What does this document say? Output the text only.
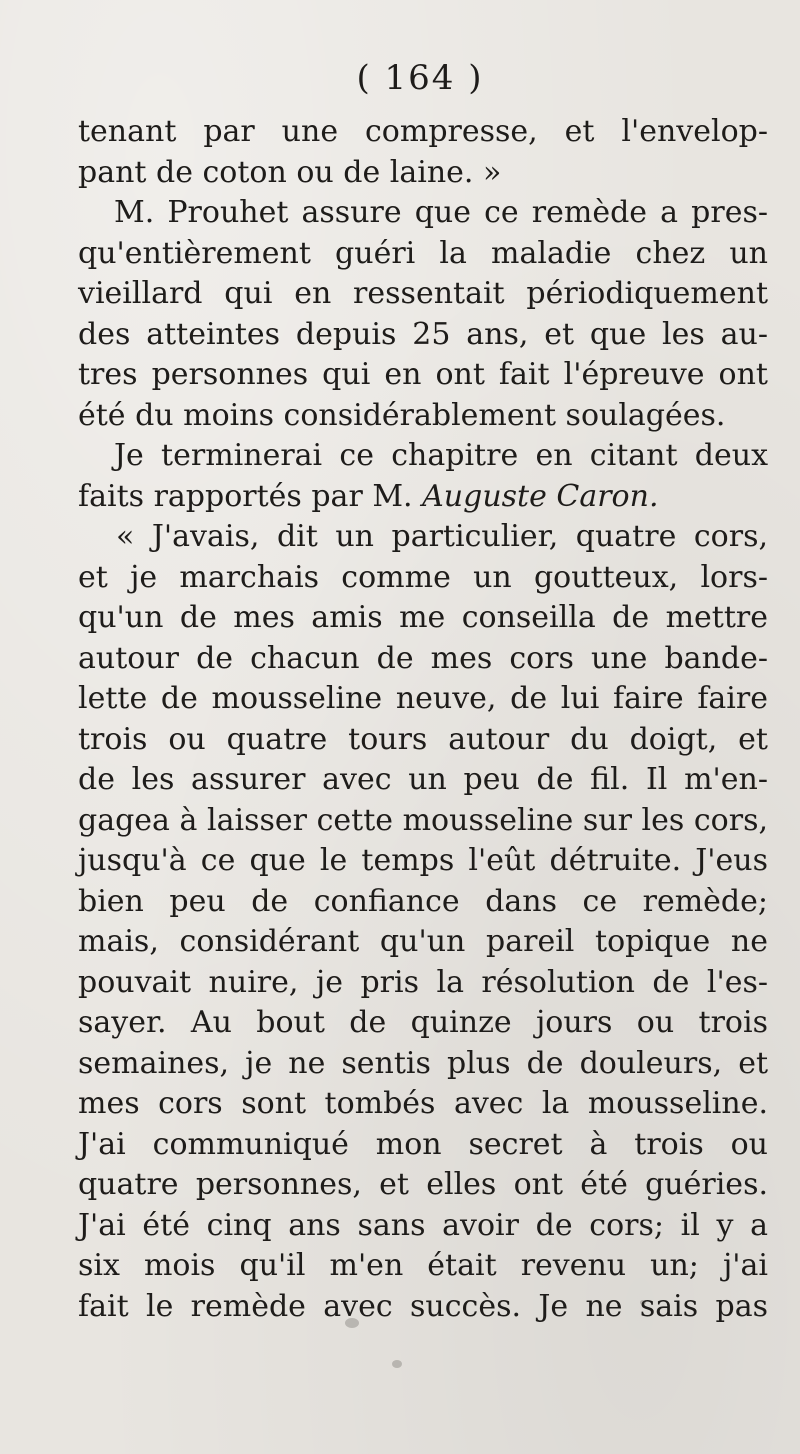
( 164 )
tenant par une compresse, et l'envelop-
pant de coton ou de laine. »
M. Prouhet assure que ce remède a pres-
qu'entièrement guéri la maladie chez un
vieillard qui en ressentait périodiquement
des atteintes depuis 25 ans, et que les au-
tres personnes qui en ont fait l'épreuve ont
été du moins considérablement soulagées.
Je terminerai ce chapitre en citant deux
faits rapportés par M. Auguste Caron.
« J'avais, dit un particulier, quatre cors,
et je marchais comme un goutteux, lors-
qu'un de mes amis me conseilla de mettre
autour de chacun de mes cors une bande-
lette de mousseline neuve, de lui faire faire
trois ou quatre tours autour du doigt, et
de les assurer avec un peu de fil. Il m'en-
gagea à laisser cette mousseline sur les cors,
jusqu'à ce que le temps l'eût détruite. J'eus
bien peu de confiance dans ce remède;
mais, considérant qu'un pareil topique ne
pouvait nuire, je pris la résolution de l'es-
sayer. Au bout de quinze jours ou trois
semaines, je ne sentis plus de douleurs, et
mes cors sont tombés avec la mousseline.
J'ai communiqué mon secret à trois ou
quatre personnes, et elles ont été guéries.
J'ai été cinq ans sans avoir de cors; il y a
six mois qu'il m'en était revenu un; j'ai
fait le remède avec succès. Je ne sais pas
